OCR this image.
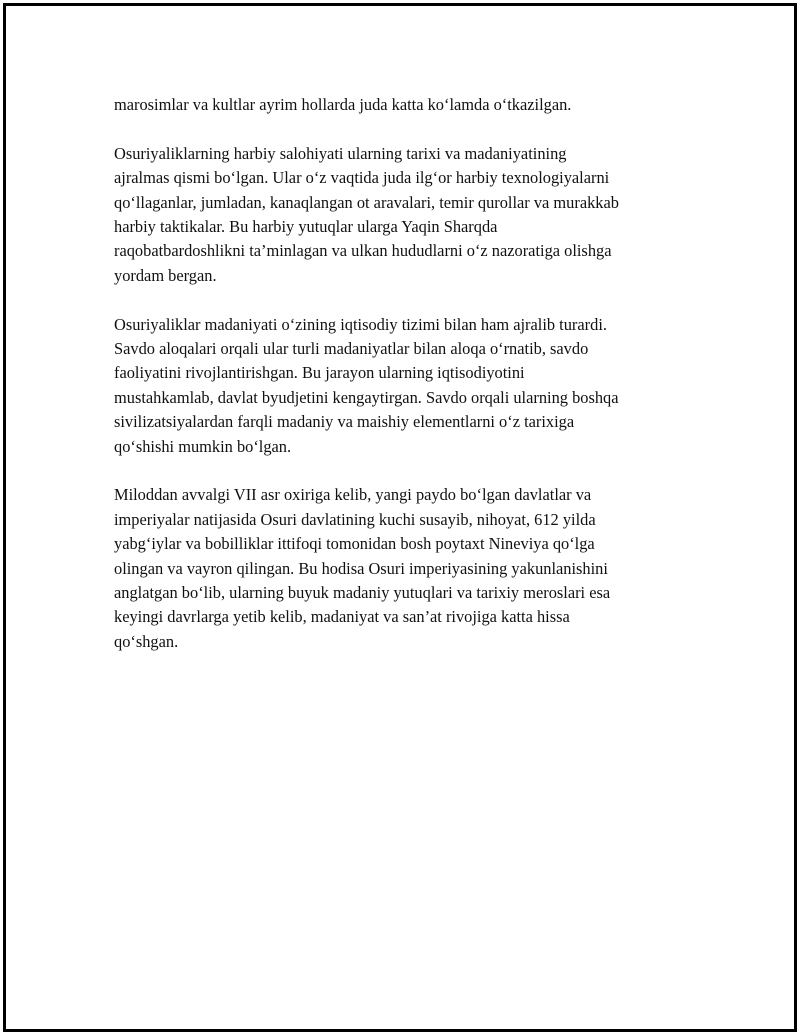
marosimlar va kultlar ayrim hollarda juda katta ko‘lamda o‘tkazilgan.

Osuriyaliklarning harbiy salohiyati ularning tarixi va madaniyatining
ajralmas qismi bo‘lgan. Ular o‘z vaqtida juda ilg‘or harbiy texnologiyalarni
qo‘llaganlar, jumladan, kanaqlangan ot aravalari, temir qurollar va murakkab
harbiy taktikalar. Bu harbiy yutuqlar ularga Yaqin Sharqda
raqobatbardoshlikni ta’minlagan va ulkan hududlarni o‘z nazoratiga olishga
yordam bergan.

Osuriyaliklar madaniyati o‘zining iqtisodiy tizimi bilan ham ajralib turardi.
Savdo aloqalari orqali ular turli madaniyatlar bilan aloqa o‘rnatib, savdo
faoliyatini rivojlantirishgan. Bu jarayon ularning iqtisodiyotini
mustahkamlab, davlat byudjetini kengaytirgan. Savdo orqali ularning boshqa
sivilizatsiyalardan farqli madaniy va maishiy elementlarni o‘z tarixiga
qo‘shishi mumkin bo‘lgan.

Miloddan avvalgi VII asr oxiriga kelib, yangi paydo bo‘lgan davlatlar va
imperiyalar natijasida Osuri davlatining kuchi susayib, nihoyat, 612 yilda
yabg‘iylar va bobilliklar ittifoqi tomonidan bosh poytaxt Nineviya qo‘lga
olingan va vayron qilingan. Bu hodisa Osuri imperiyasining yakunlanishini
anglatgan bo‘lib, ularning buyuk madaniy yutuqlari va tarixiy meroslari esa
keyingi davrlarga yetib kelib, madaniyat va san’at rivojiga katta hissa
qo‘shgan.
